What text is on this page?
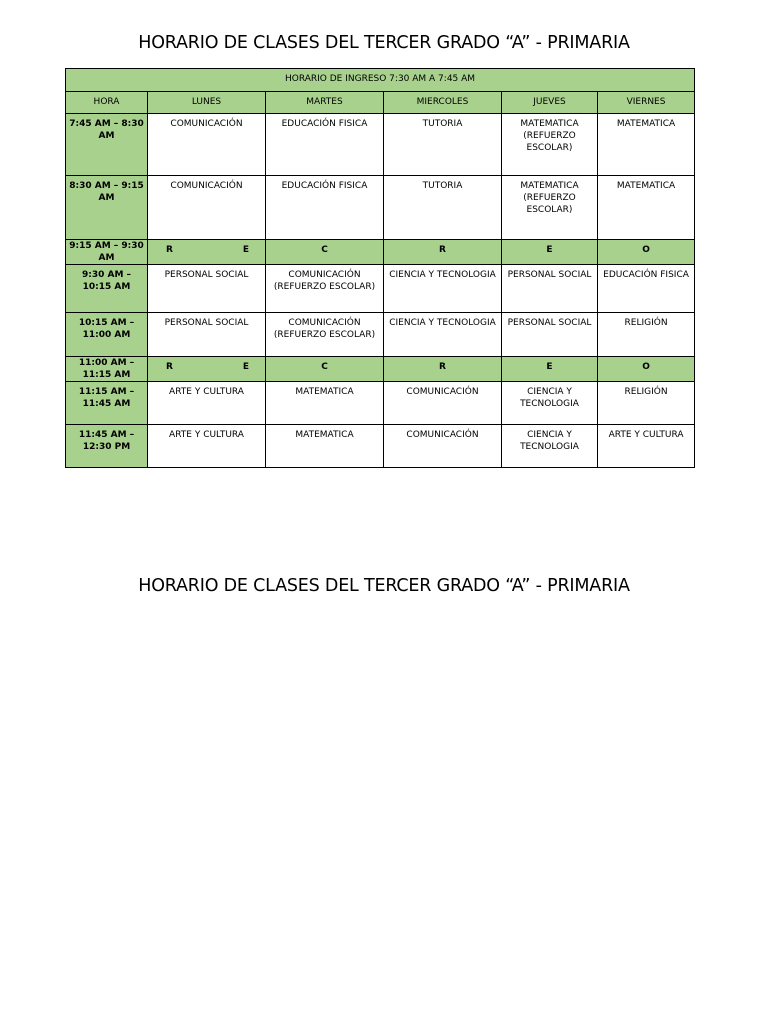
HORARIO DE CLASES DEL TERCER GRADO “A” - PRIMARIA
HORARIO DE INGRESO 7:30 AM A 7:45 AM					
HORA	LUNES	MARTES	MIERCOLES	JUEVES	VIERNES
7:45 AM – 8:30 AM	COMUNICACIÓN	EDUCACIÓN FISICA	TUTORIA	MATEMATICA (REFUERZO ESCOLAR)	MATEMATICA
8:30 AM – 9:15 AM	COMUNICACIÓN	EDUCACIÓN FISICA	TUTORIA	MATEMATICA (REFUERZO ESCOLAR)	MATEMATICA
9:15 AM – 9:30 AM	R E	C	R	E	O
9:30 AM – 10:15 AM	PERSONAL SOCIAL	COMUNICACIÓN (REFUERZO ESCOLAR)	CIENCIA Y TECNOLOGIA	PERSONAL SOCIAL	EDUCACIÓN FISICA
10:15 AM – 11:00 AM	PERSONAL SOCIAL	COMUNICACIÓN (REFUERZO ESCOLAR)	CIENCIA Y TECNOLOGIA	PERSONAL SOCIAL	RELIGIÓN
11:00 AM – 11:15 AM	R E	C	R	E	O
11:15 AM – 11:45 AM	ARTE Y CULTURA	MATEMATICA	COMUNICACIÓN	CIENCIA Y TECNOLOGIA	RELIGIÓN
11:45 AM – 12:30 PM	ARTE Y CULTURA	MATEMATICA	COMUNICACIÓN	CIENCIA Y TECNOLOGIA	ARTE Y CULTURA
HORARIO DE CLASES DEL TERCER GRADO “A” - PRIMARIA
